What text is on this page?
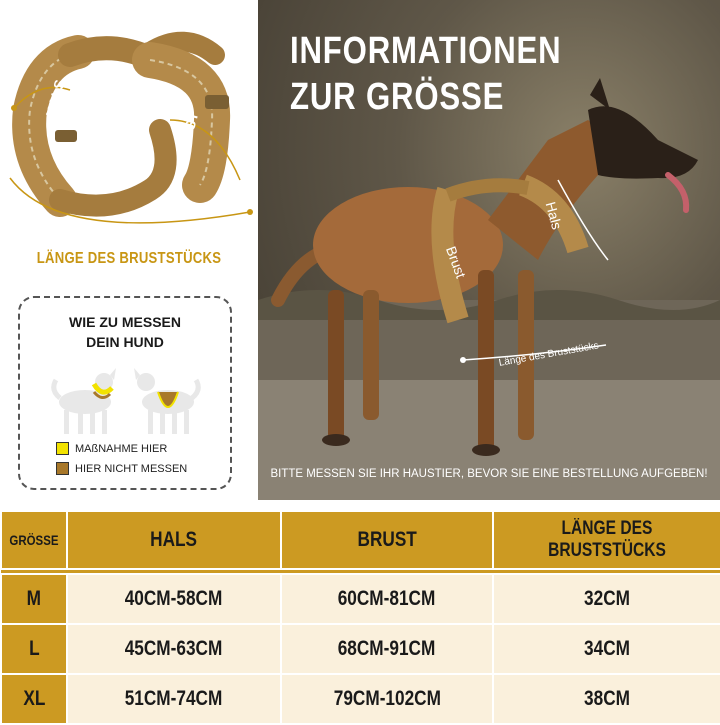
HALS
BRUST
LÄNGE DES BRUSTSTÜCKS
WIE ZU MESSEN
DEIN HUND
MAßNAHME HIER
HIER NICHT MESSEN
INFORMATIONEN
ZUR GRÖSSE
Hals
Brust
Länge des Bruststücks
BITTE MESSEN SIE IHR HAUSTIER, BEVOR SIE EINE BESTELLUNG AUFGEBEN!
GRÖSSE	HALS	BRUST	LÄNGE DES BRUSTSTÜCKS

M	40CM-58CM	60CM-81CM	32CM
L	45CM-63CM	68CM-91CM	34CM
XL	51CM-74CM	79CM-102CM	38CM
